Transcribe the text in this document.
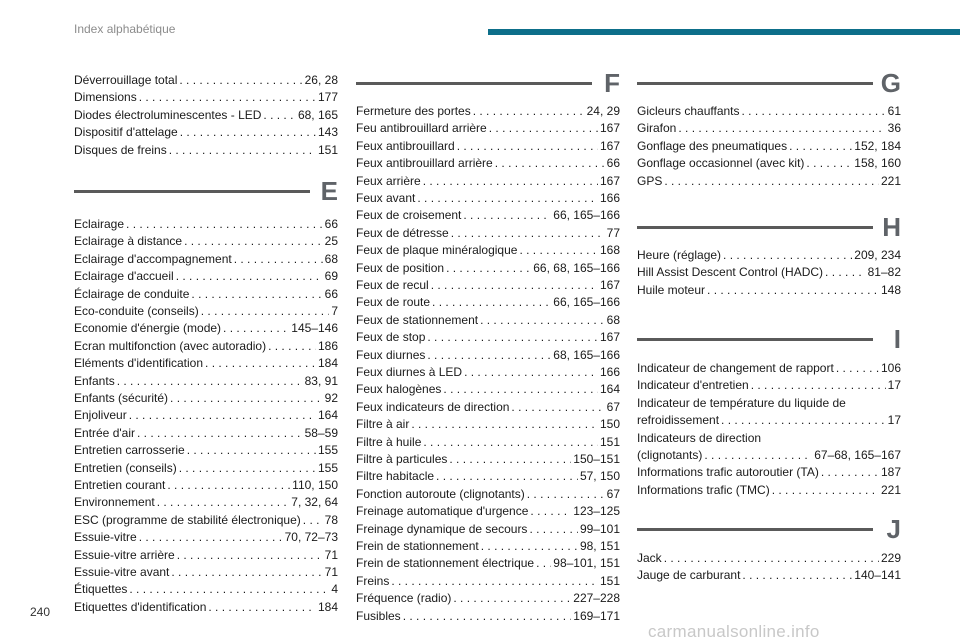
Index alphabétique
Déverrouillage total . . .	26, 28
Dimensions . . .	177
Diodes électroluminescentes - LED . . .	68, 165
Dispositif d'attelage . . .	143
Disques de freins . . .	151
E
Eclairage . . .	66
Eclairage à distance . . .	25
Eclairage d'accompagnement . . .	68
Eclairage d'accueil . . .	69
Éclairage de conduite . . .	66
Eco-conduite (conseils) . . .	7
Economie d'énergie (mode) . . .	145–146
Ecran multifonction (avec autoradio) . . .	186
Eléments d'identification . . .	184
Enfants . . .	83, 91
Enfants (sécurité) . . .	92
Enjoliveur . . .	164
Entrée d'air . . .	58–59
Entretien carrosserie . . .	155
Entretien (conseils) . . .	155
Entretien courant . . .	110, 150
Environnement . . .	7, 32, 64
ESC (programme de stabilité électronique) . . . 78
Essuie-vitre . . .	70, 72–73
Essuie-vitre arrière . . .	71
Essuie-vitre avant . . .	71
Étiquettes . . .	4
Etiquettes d'identification . . .	184
F
Fermeture des portes . . .	24, 29
Feu antibrouillard arrière . . .	167
Feux antibrouillard . . .	167
Feux antibrouillard arrière . . .	66
Feux arrière . . .	167
Feux avant . . .	166
Feux de croisement . . .	66, 165–166
Feux de détresse . . .	77
Feux de plaque minéralogique . . .	168
Feux de position . . .	66, 68, 165–166
Feux de recul . . .	167
Feux de route . . .	66, 165–166
Feux de stationnement . . .	68
Feux de stop . . .	167
Feux diurnes . . .	68, 165–166
Feux diurnes à LED . . .	166
Feux halogènes . . .	164
Feux indicateurs de direction . . .	67
Filtre à air . . .	150
Filtre à huile . . .	151
Filtre à particules . . .	150–151
Filtre habitacle . . .	57, 150
Fonction autoroute (clignotants) . . .	67
Freinage automatique d'urgence . . .	123–125
Freinage dynamique de secours . . .	99–101
Frein de stationnement . . .	98, 151
Frein de stationnement électrique . . . 98–101, 151
Freins . . .	151
Fréquence (radio) . . .	227–228
Fusibles . . .	169–171
G
Gicleurs chauffants . . .	61
Girafon . . .	36
Gonflage des pneumatiques . . .	152, 184
Gonflage occasionnel (avec kit) . . .	158, 160
GPS . . .	221
H
Heure (réglage) . . .	209, 234
Hill Assist Descent Control (HADC) . . .	81–82
Huile moteur . . .	148
I
Indicateur de changement de rapport . . .	106
Indicateur d'entretien . . .	17
Indicateur de température du liquide de
refroidissement . . .	17
Indicateurs de direction
(clignotants) . . .	67–68, 165–167
Informations trafic autoroutier (TA) . . .	187
Informations trafic (TMC) . . .	221
J
Jack . . .	229
Jauge de carburant . . .	140–141
240
carmanualsonline.info
